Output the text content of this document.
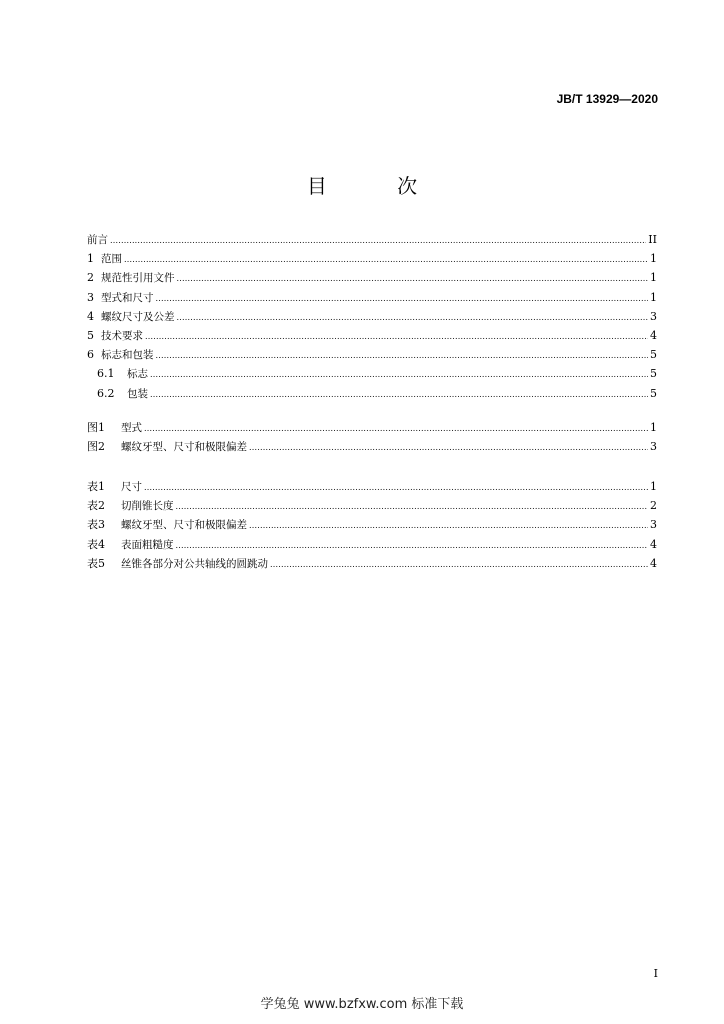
JB/T 13929—2020
目 次
前言 .....	II
1 范围 .....	1
2 规范性引用文件 .....	1
3 型式和尺寸 .....	1
4 螺纹尺寸及公差 .....	3
5 技术要求 .....	4
6 标志和包装 .....	5
6.1	标志 .....	5
6.2	包装 .....	5
图1	型式 .....	1
图2	螺纹牙型、尺寸和极限偏差 .....	3
表1	尺寸 .....	1
表2	切削锥长度 .....	2
表3	螺纹牙型、尺寸和极限偏差 .....	3
表4	表面粗糙度 .....	4
表5	丝锥各部分对公共轴线的圆跳动 .....	4
I
学兔兔 www.bzfxw.com 标准下载
